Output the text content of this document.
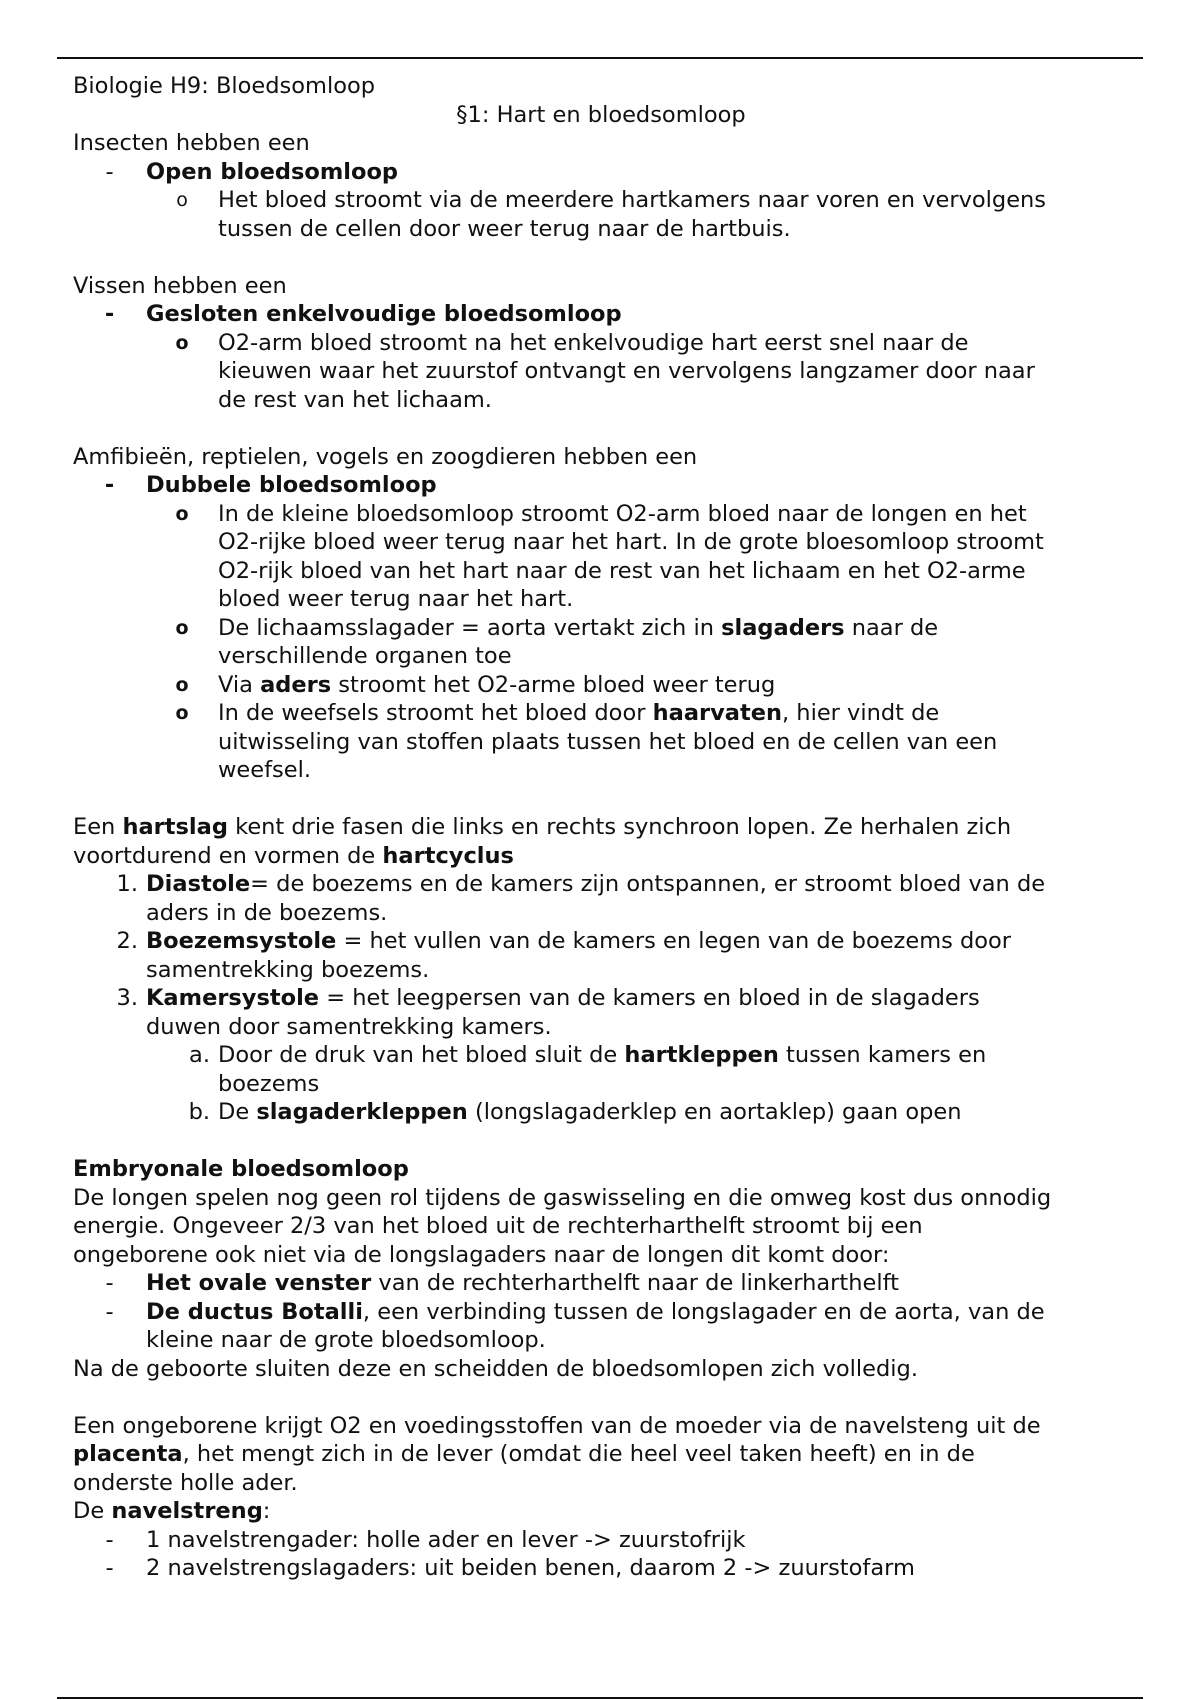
Biologie H9: Bloedsomloop
§1: Hart en bloedsomloop
Insecten hebben een
-	Open bloedsomloop
o	Het bloed stroomt via de meerdere hartkamers naar voren en vervolgens
tussen de cellen door weer terug naar de hartbuis.
Vissen hebben een
-	Gesloten enkelvoudige bloedsomloop
o	O2-arm bloed stroomt na het enkelvoudige hart eerst snel naar de
kieuwen waar het zuurstof ontvangt en vervolgens langzamer door naar
de rest van het lichaam.
Amfibieën, reptielen, vogels en zoogdieren hebben een
-	Dubbele bloedsomloop
o	In de kleine bloedsomloop stroomt O2-arm bloed naar de longen en het
O2-rijke bloed weer terug naar het hart. In de grote bloesomloop stroomt
O2-rijk bloed van het hart naar de rest van het lichaam en het O2-arme
bloed weer terug naar het hart.
o	De lichaamsslagader = aorta vertakt zich in slagaders naar de
verschillende organen toe
o	Via aders stroomt het O2-arme bloed weer terug
o	In de weefsels stroomt het bloed door haarvaten, hier vindt de
uitwisseling van stoffen plaats tussen het bloed en de cellen van een
weefsel.
Een hartslag kent drie fasen die links en rechts synchroon lopen. Ze herhalen zich
voortdurend en vormen de hartcyclus
1. Diastole= de boezems en de kamers zijn ontspannen, er stroomt bloed van de
aders in de boezems.
2. Boezemsystole = het vullen van de kamers en legen van de boezems door
samentrekking boezems.
3. Kamersystole = het leegpersen van de kamers en bloed in de slagaders
duwen door samentrekking kamers.
a. Door de druk van het bloed sluit de hartkleppen tussen kamers en
boezems
b. De slagaderkleppen (longslagaderklep en aortaklep) gaan open
Embryonale bloedsomloop
De longen spelen nog geen rol tijdens de gaswisseling en die omweg kost dus onnodig
energie. Ongeveer 2/3 van het bloed uit de rechterharthelft stroomt bij een
ongeborene ook niet via de longslagaders naar de longen dit komt door:
-	Het ovale venster van de rechterharthelft naar de linkerharthelft
-	De ductus Botalli, een verbinding tussen de longslagader en de aorta, van de
kleine naar de grote bloedsomloop.
Na de geboorte sluiten deze en scheidden de bloedsomlopen zich volledig.
Een ongeborene krijgt O2 en voedingsstoffen van de moeder via de navelsteng uit de
placenta, het mengt zich in de lever (omdat die heel veel taken heeft) en in de
onderste holle ader.
De navelstreng:
-	1 navelstrengader: holle ader en lever -> zuurstofrijk
-	2 navelstrengslagaders: uit beiden benen, daarom 2 -> zuurstofarm
